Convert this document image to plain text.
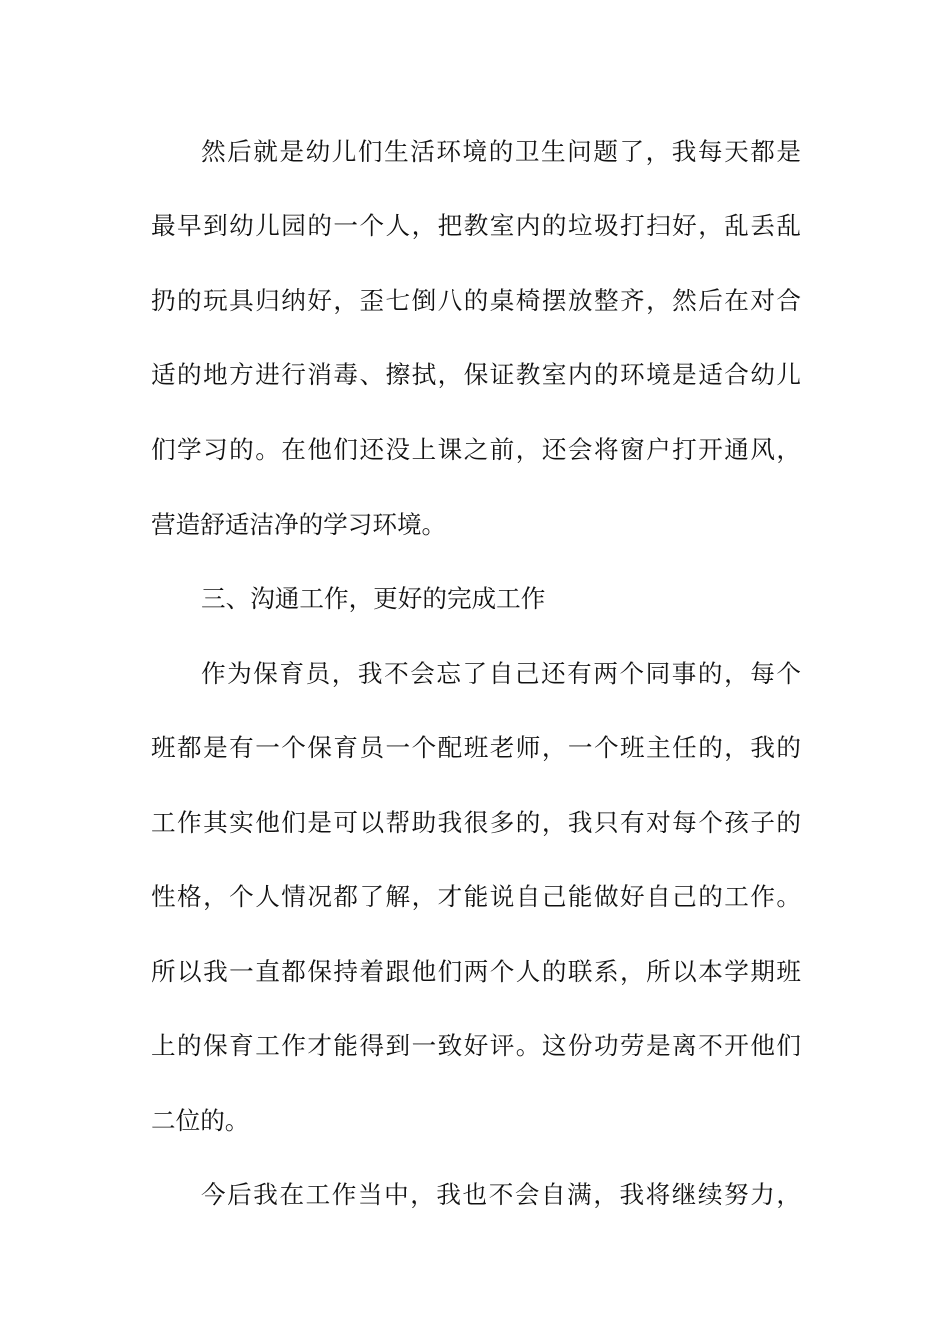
然后就是幼儿们生活环境的卫生问题了，我每天都是
最早到幼儿园的一个人，把教室内的垃圾打扫好，乱丢乱
扔的玩具归纳好，歪七倒八的桌椅摆放整齐，然后在对合
适的地方进行消毒、擦拭，保证教室内的环境是适合幼儿
们学习的。在他们还没上课之前，还会将窗户打开通风，
营造舒适洁净的学习环境。
三、沟通工作，更好的完成工作
作为保育员，我不会忘了自己还有两个同事的，每个
班都是有一个保育员一个配班老师，一个班主任的，我的
工作其实他们是可以帮助我很多的，我只有对每个孩子的
性格，个人情况都了解，才能说自己能做好自己的工作。
所以我一直都保持着跟他们两个人的联系，所以本学期班
上的保育工作才能得到一致好评。这份功劳是离不开他们
二位的。
今后我在工作当中，我也不会自满，我将继续努力，
